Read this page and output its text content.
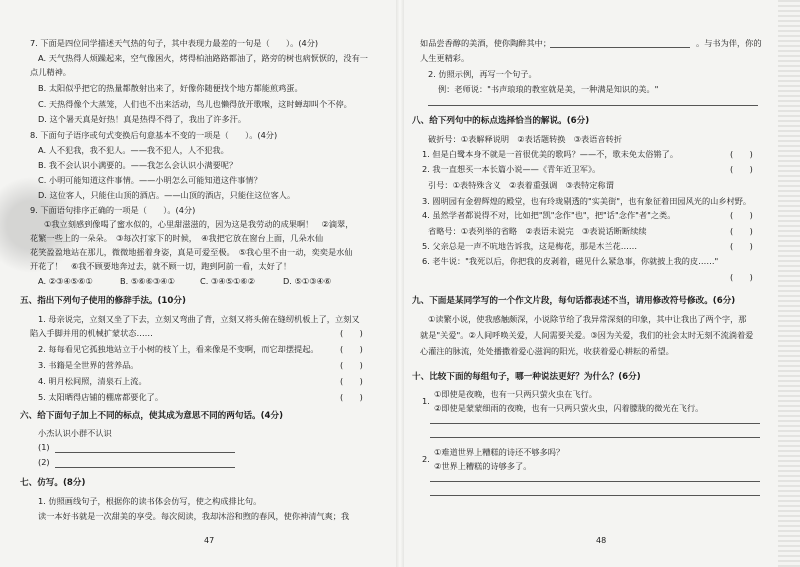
7. 下面是四位同学描述天气热的句子，其中表现力最差的一句是（　　）。(4分)
A. 天气热得人烦躁起来，空气像困火，烤得柏油路路都油了，路旁的树也病恹恹的，没有一
点儿精神。
B. 太阳似乎把它的热量都散射出来了，好像你随便找个地方都能煎鸡蛋。
C. 天热得像个大蒸笼，人们也不出来活动，鸟儿也懒得放开歌喉，这时蝉却叫个不停。
D. 这个暑天真是好热！真是热得不得了，我出了许多汗。
8. 下面句子语序或句式变换后句意基本不变的一项是（　　）。(4分)
A. 人不犯我，我不犯人。——我不犯人，人不犯我。
B. 我不会认识小满要的。——我怎么会认识小满要呢？
C. 小明可能知道这件事情。——小明怎么可能知道这件事情？
D. 这位客人，只能住山顶的酒店。——山顶的酒店，只能住这位客人。
9. 下面语句排序正确的一项是（　　）。(4分)
①我立刻感到像喝了蜜水似的，心里甜滋滋的，因为这是我劳动的成果啊！　②滴翠，
花繁一些上的一朵朵。　③每次打家下的时候，　④我把它放在窗台上面，几朵水仙
花笑盈盈地站在那儿，微微地摇着身姿，真是可爱至极。　⑤我心里不由一动，奕奕是水仙
开花了！　⑥我不顾要地奔过去，就不顾一切，跑到阿前一看，太好了！
A. ②③④⑤⑥①	B. ⑤⑥⑥③④①	C. ③④⑤①⑥②	D. ⑤①③④⑥
五、指出下列句子使用的修辞手法。(10分)
1. 母亲说完，立刻又坐了下去，立刻又弯曲了背，立刻又将头俯在缝纫机板上了，立刻又
陷入手脚并用的机械扩蒙状态……	(　　)
2. 每每看见它孤独地站立于小树的枝丫上，看来像是不变啊，而它却摆提起。	(　　)
3. 书籍是全世界的营养品。	(　　)
4. 明月松间照，清泉石上流。	(　　)
5. 太阳晒得店铺的棚席都要化了。	(　　)
六、给下面句子加上不同的标点，使其成为意思不同的两句话。(4分)
小杰认识小群不认识
(1)
(2)
七、仿写。(8分)
1. 仿照画线句子，根据你的读书体会仿写，使之构成排比句。
读一本好书就是一次甜美的享受。每次阅读，我却沐浴和煦的春风，使你神清气爽；我
47
如品尝香醇的美酒，使你陶醉其中；	。与书为伴，你的
人生更精彩。
2. 仿照示例，再写一个句子。
例：老师说："书声琅琅的教室就是美，一种满是知识的美。"
八、给下列句中的标点选择恰当的解说。(6分)
破折号：①表解释说明　②表话题转换　③表语音转折
1. 但是白鹭本身不就是一首很优美的歌吗？——不，歌未免太俗锵了。	(　　)
2. 我一直想买一本长篇小说——《青年近卫军》。	(　　)
引号：①表特殊含义　②表着重强调　③表特定称谓
3. 圆明园有金碧辉煌的殿堂，也有玲珑剔透的"实美街"，也有象征着田园风光的山乡村野。
(　　)
4. 虽然学者都说得不对，比如把"凯"念作"也"，把"话"念作"者"之类。
(　　)
省略号：①表列举的省略　②表语未说完　③表说话断断续续
5. 父亲总是一声不吭地告诉我，这是梅花，那是木兰花……	(　　)
6. 老牛说："我死以后，你把我的皮剥着，磁见什么紧急事，你就披上我的皮……"
(　　)
九、下面是某同学写的一个作文片段，每句话都表述不当，请用修改符号修改。(6分)
①读繁小说，使我感触颇深，小说除节给了我异常深刻的印象，其中让我出了两个字，那
就是"关爱"。②人间呼唤关爱，人间需要关爱。③因为关爱，我们的社会太时无刻不流淌着爱
心灌注的脉流，处处播撒着爱心滋润的阳光，收获着爱心耕耘的希望。
十、比较下面的每组句子，哪一种说法更好？为什么？(6分)
1.
①即使是夜晚，也有一只两只萤火虫在飞行。
②即使是蒙蒙细雨的夜晚，也有一只两只萤火虫，闪着朦胧的微光在飞行。
2.
①难道世界上糟糕的诗还不够多吗？
②世界上糟糕的诗够多了。
48
